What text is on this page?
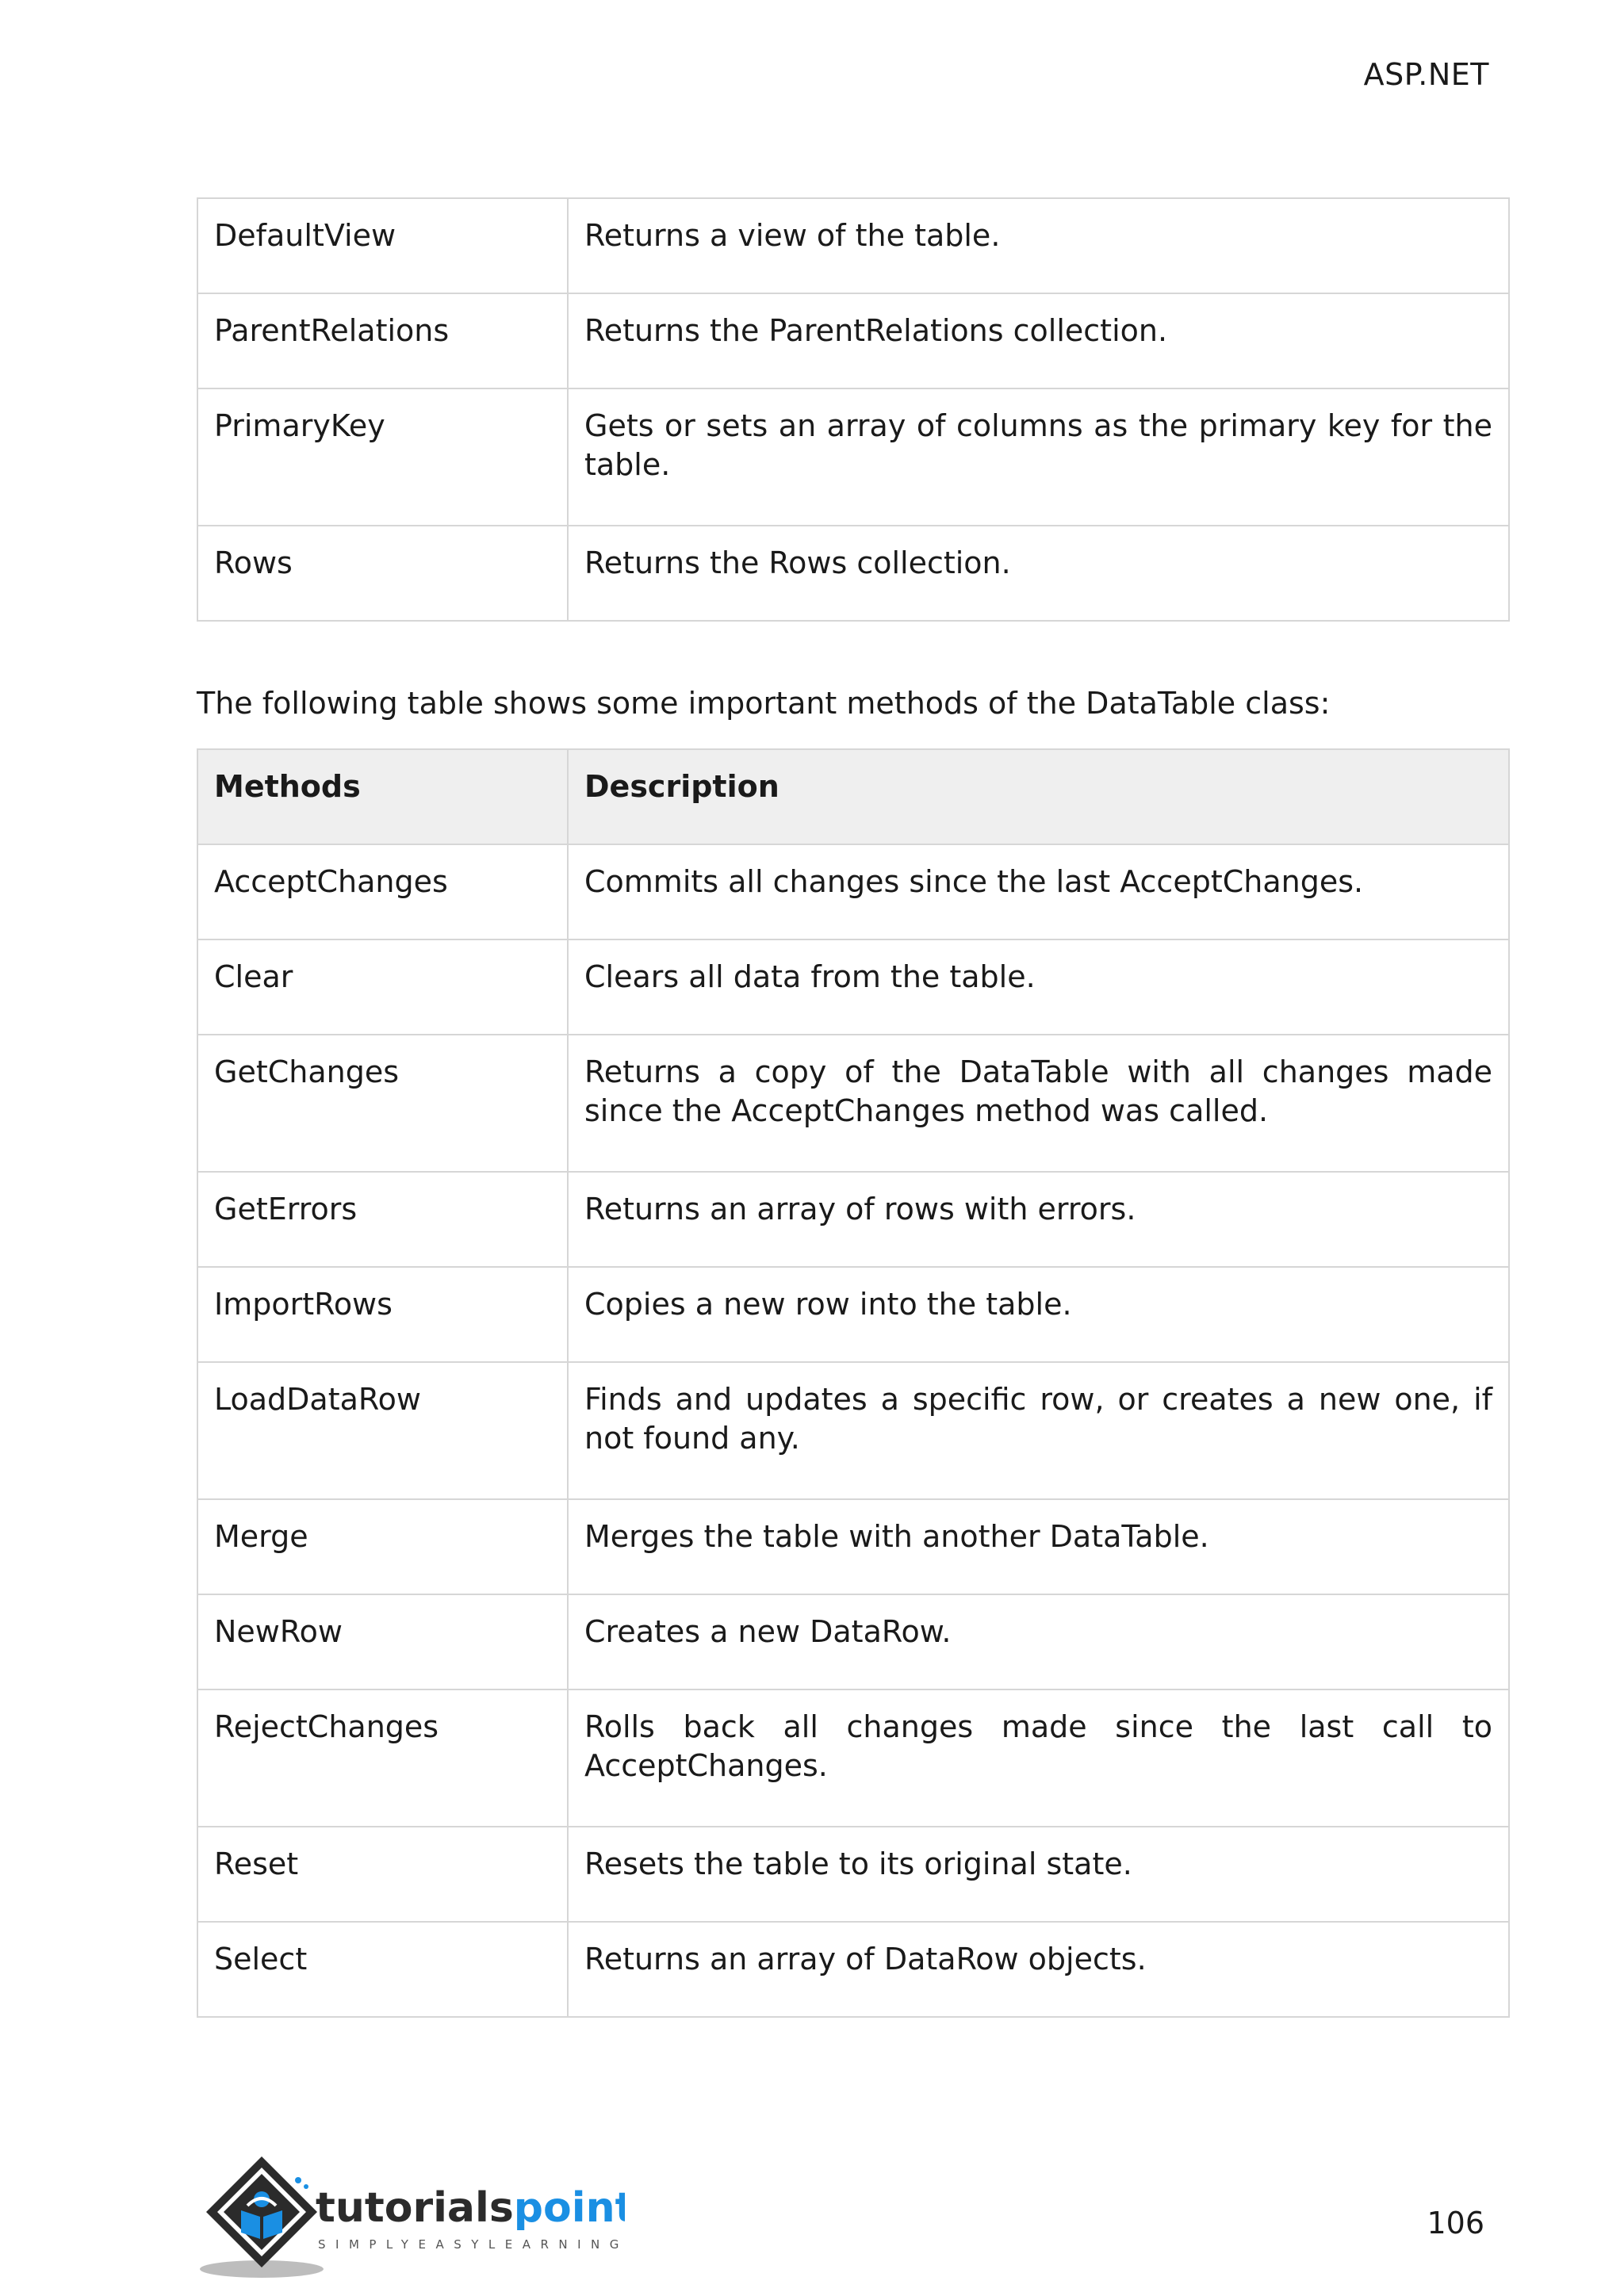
ASP.NET
DefaultView	Returns a view of the table.
ParentRelations	Returns the ParentRelations collection.
PrimaryKey	Gets or sets an array of columns as the primary key for the table.
Rows	Returns the Rows collection.
The following table shows some important methods of the DataTable class:
Methods	Description
AcceptChanges	Commits all changes since the last AcceptChanges.
Clear	Clears all data from the table.
GetChanges	Returns a copy of the DataTable with all changes made since the AcceptChanges method was called.
GetErrors	Returns an array of rows with errors.
ImportRows	Copies a new row into the table.
LoadDataRow	Finds and updates a specific row, or creates a new one, if not found any.
Merge	Merges the table with another DataTable.
NewRow	Creates a new DataRow.
RejectChanges	Rolls back all changes made since the last call to AcceptChanges.
Reset	Resets the table to its original state.
Select	Returns an array of DataRow objects.
tutorialspoint
SIMPLYEASYLEARNING
106
